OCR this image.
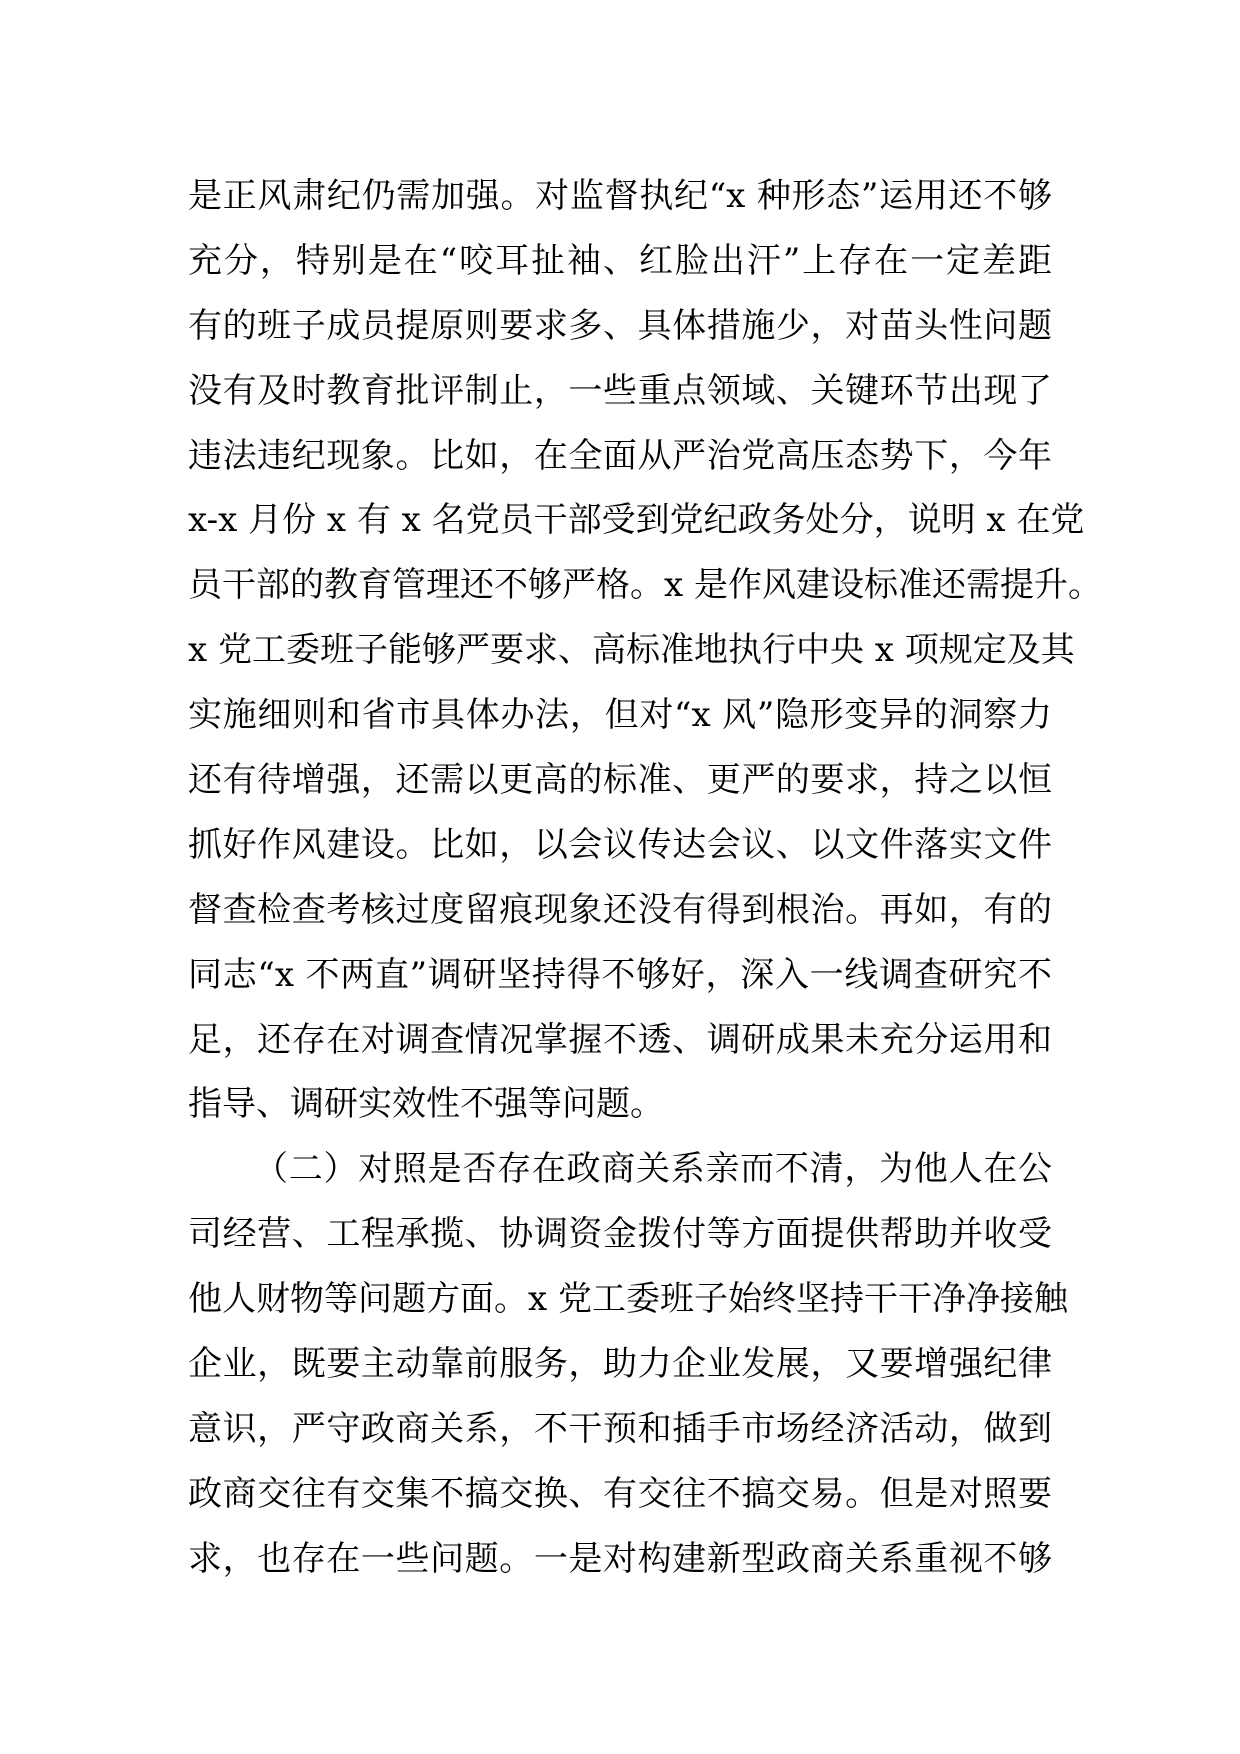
是正风肃纪仍需加强。对监督执纪“x 种形态”运用还不够
充分，特别是在“咬耳扯袖、红脸出汗”上存在一定差距
有的班子成员提原则要求多、具体措施少，对苗头性问题
没有及时教育批评制止，一些重点领域、关键环节出现了
违法违纪现象。比如，在全面从严治党高压态势下，今年
x-x 月份 x 有 x 名党员干部受到党纪政务处分，说明 x 在党
员干部的教育管理还不够严格。x 是作风建设标准还需提升。
x 党工委班子能够严要求、高标准地执行中央 x 项规定及其
实施细则和省市具体办法，但对“x 风”隐形变异的洞察力
还有待增强，还需以更高的标准、更严的要求，持之以恒
抓好作风建设。比如，以会议传达会议、以文件落实文件
督查检查考核过度留痕现象还没有得到根治。再如，有的
同志“x 不两直”调研坚持得不够好，深入一线调查研究不
足，还存在对调查情况掌握不透、调研成果未充分运用和
指导、调研实效性不强等问题。
（二）对照是否存在政商关系亲而不清，为他人在公
司经营、工程承揽、协调资金拨付等方面提供帮助并收受
他人财物等问题方面。x 党工委班子始终坚持干干净净接触
企业，既要主动靠前服务，助力企业发展，又要增强纪律
意识，严守政商关系，不干预和插手市场经济活动，做到
政商交往有交集不搞交换、有交往不搞交易。但是对照要
求，也存在一些问题。一是对构建新型政商关系重视不够
